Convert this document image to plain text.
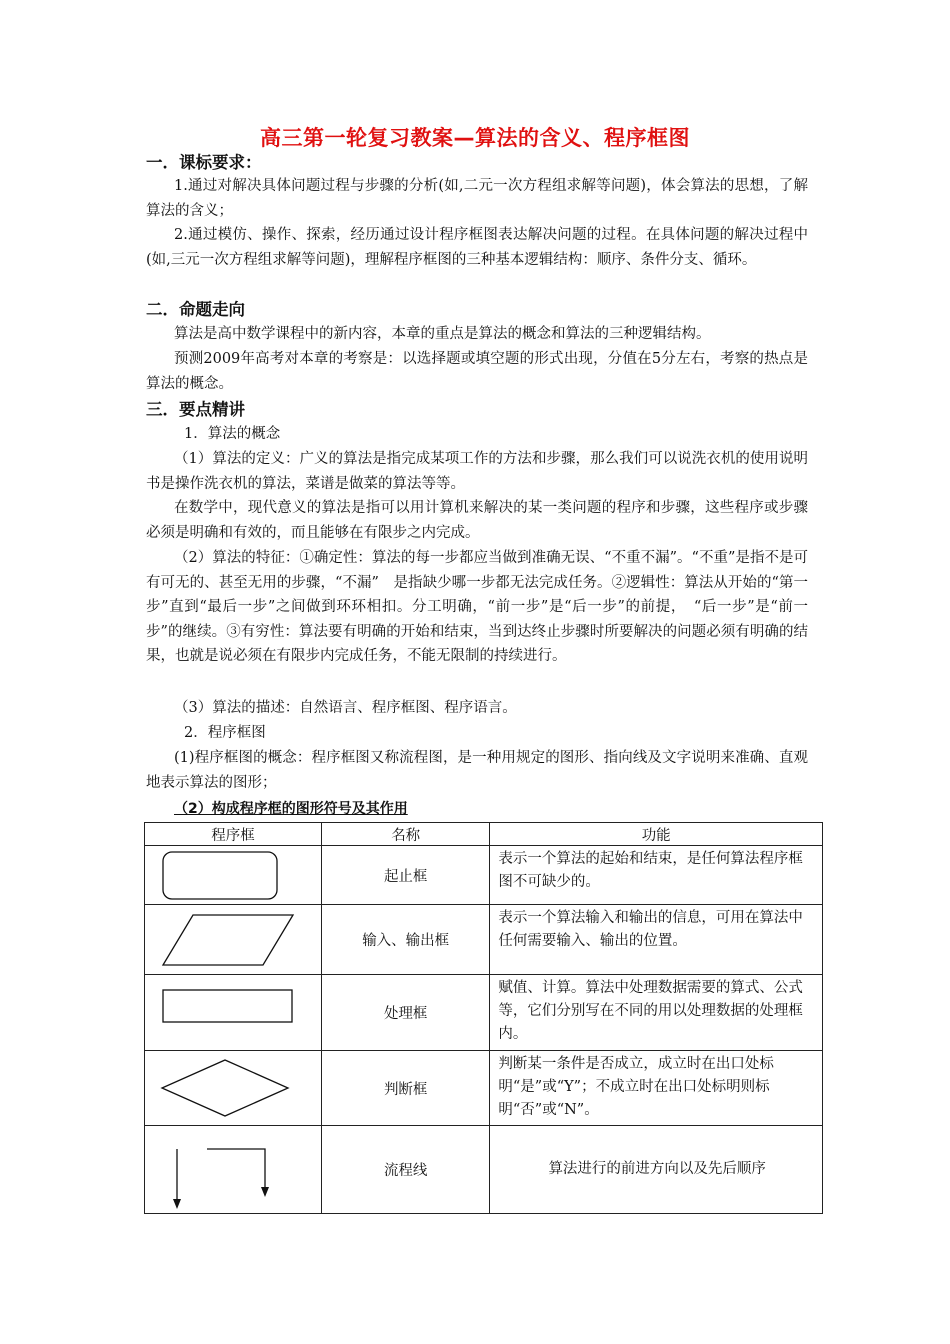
高三第一轮复习教案—算法的含义、程序框图
一．课标要求：
1.通过对解决具体问题过程与步骤的分析(如,二元一次方程组求解等问题)，体会算法的思想，了解算法的含义；
2.通过模仿、操作、探索，经历通过设计程序框图表达解决问题的过程。在具体问题的解决过程中(如,三元一次方程组求解等问题)，理解程序框图的三种基本逻辑结构：顺序、条件分支、循环。
二．命题走向
算法是高中数学课程中的新内容，本章的重点是算法的概念和算法的三种逻辑结构。
预测2009年高考对本章的考察是：以选择题或填空题的形式出现，分值在5分左右，考察的热点是算法的概念。
三．要点精讲
1．算法的概念
（1）算法的定义：广义的算法是指完成某项工作的方法和步骤，那么我们可以说洗衣机的使用说明书是操作洗衣机的算法，菜谱是做菜的算法等等。
在数学中，现代意义的算法是指可以用计算机来解决的某一类问题的程序和步骤，这些程序或步骤必须是明确和有效的，而且能够在有限步之内完成。
（2）算法的特征：①确定性：算法的每一步都应当做到准确无误、“不重不漏”。“不重”是指不是可有可无的、甚至无用的步骤，“不漏”　是指缺少哪一步都无法完成任务。②逻辑性：算法从开始的“第一步”直到“最后一步”之间做到环环相扣。分工明确，“前一步”是“后一步”的前提，　“后一步”是“前一步”的继续。③有穷性：算法要有明确的开始和结束，当到达终止步骤时所要解决的问题必须有明确的结果，也就是说必须在有限步内完成任务，不能无限制的持续进行。
（3）算法的描述：自然语言、程序框图、程序语言。
2．程序框图
(1)程序框图的概念：程序框图又称流程图，是一种用规定的图形、指向线及文字说明来准确、直观地表示算法的图形；
（2）构成程序框的图形符号及其作用
程序框	名称	功能

	起止框	表示一个算法的起始和结束，是任何算法程序框图不可缺少的。

	输入、输出框	表示一个算法输入和输出的信息，可用在算法中任何需要输入、输出的位置。

	处理框	赋值、计算。算法中处理数据需要的算式、公式等，它们分别写在不同的用以处理数据的处理框内。

	判断框	判断某一条件是否成立，成立时在出口处标明“是”或“Y”；不成立时在出口处标明则标明“否”或“N”。

	流程线	算法进行的前进方向以及先后顺序
